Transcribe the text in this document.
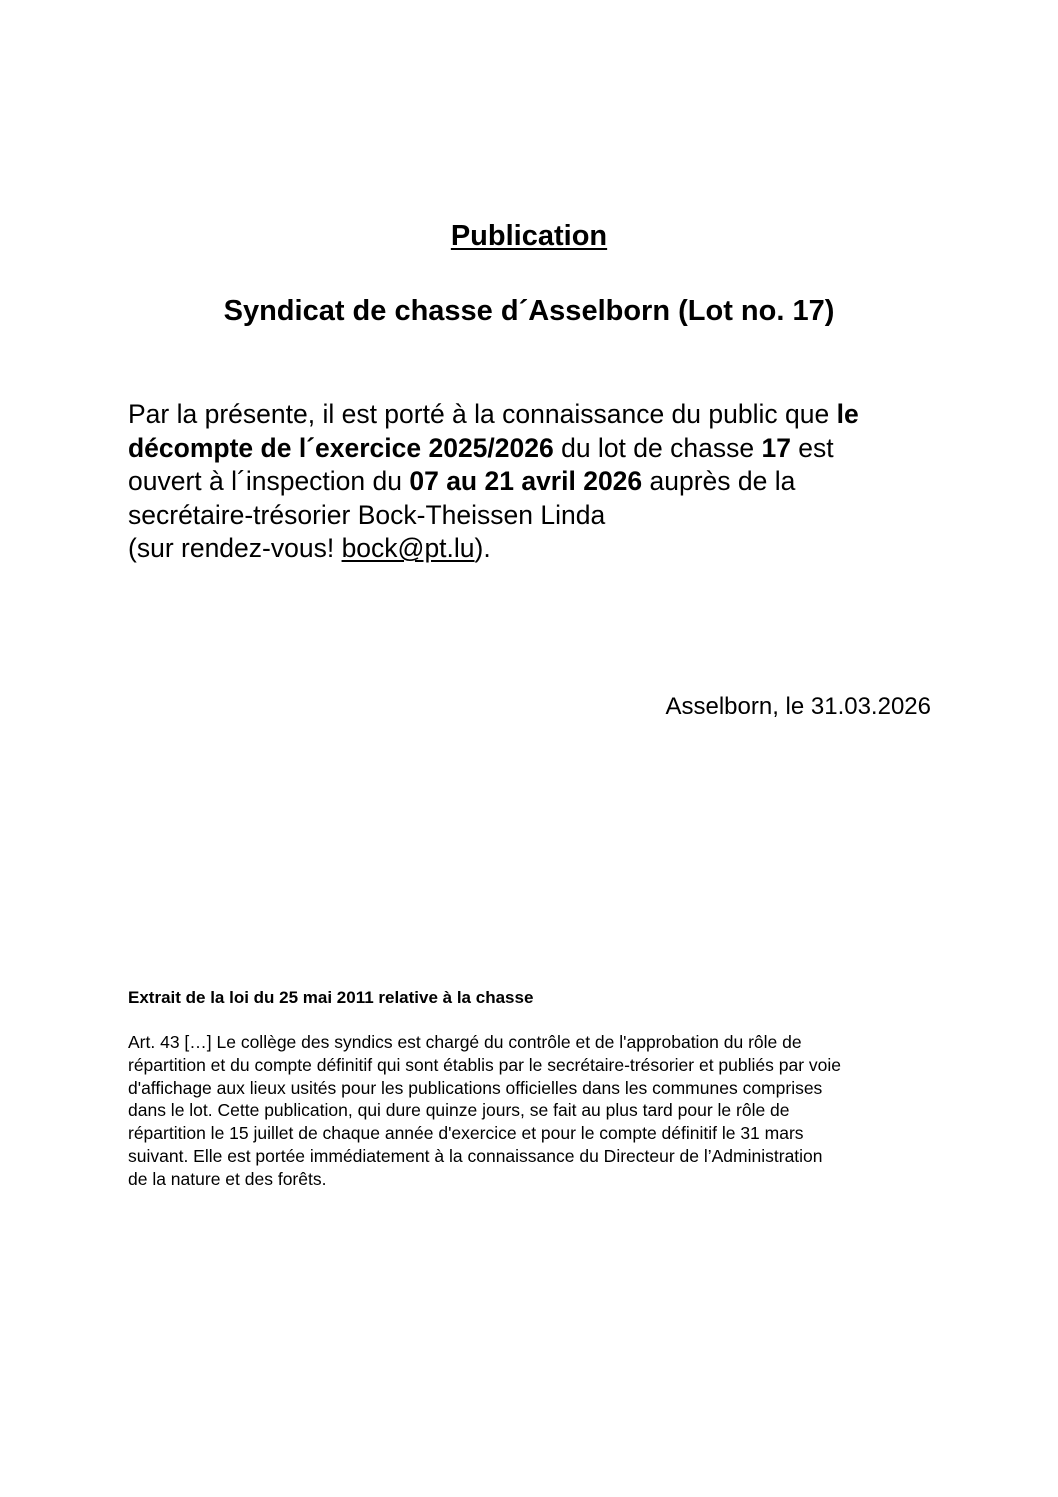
Publication
Syndicat de chasse d´Asselborn (Lot no. 17)
Par la présente, il est porté à la connaissance du public que le
décompte de l´exercice 2025/2026 du lot de chasse 17 est
ouvert à l´inspection du 07 au 21 avril 2026 auprès de la
secrétaire-trésorier Bock-Theissen Linda
(sur rendez-vous! bock@pt.lu).
Asselborn, le 31.03.2026
Extrait de la loi du 25 mai 2011 relative à la chasse
Art. 43 […] Le collège des syndics est chargé du contrôle et de l'approbation du rôle de
répartition et du compte définitif qui sont établis par le secrétaire-trésorier et publiés par voie
d'affichage aux lieux usités pour les publications officielles dans les communes comprises
dans le lot. Cette publication, qui dure quinze jours, se fait au plus tard pour le rôle de
répartition le 15 juillet de chaque année d'exercice et pour le compte définitif le 31 mars
suivant. Elle est portée immédiatement à la connaissance du Directeur de l’Administration
de la nature et des forêts.
